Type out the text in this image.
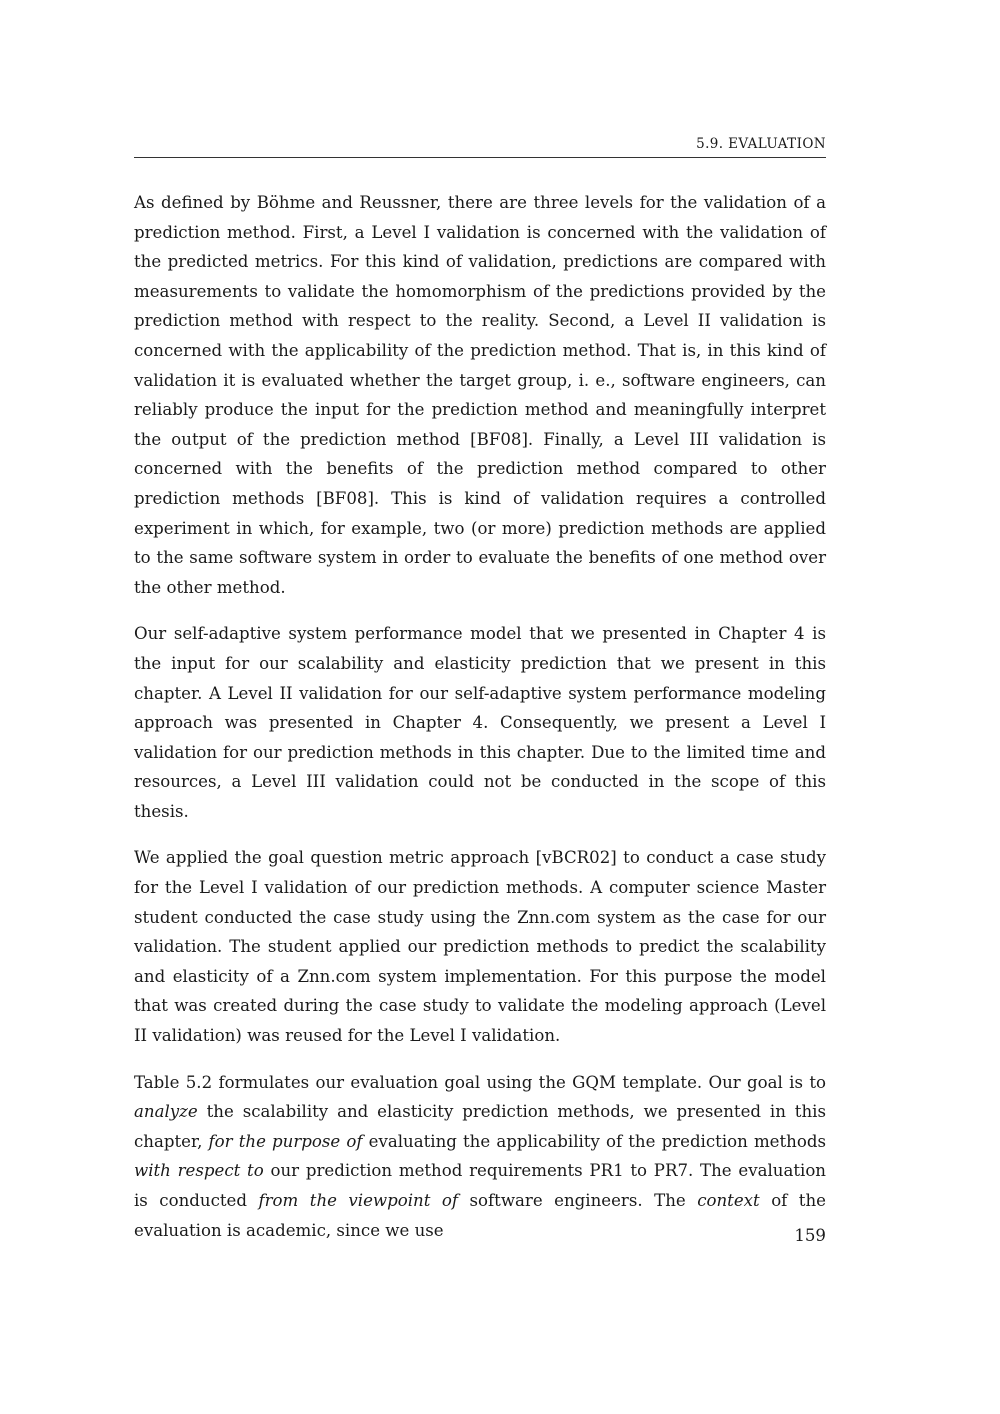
5.9. EVALUATION

As defined by Böhme and Reussner, there are three levels for the validation of a prediction method. First, a Level I validation is concerned with the validation of the predicted metrics. For this kind of validation, predictions are compared with measurements to validate the homomorphism of the predictions provided by the prediction method with respect to the reality. Second, a Level II validation is concerned with the applicability of the prediction method. That is, in this kind of validation it is evaluated whether the target group, i. e., software engineers, can reliably produce the input for the prediction method and meaningfully interpret the output of the prediction method [BF08]. Finally, a Level III validation is concerned with the benefits of the prediction method compared to other prediction methods [BF08]. This is kind of validation requires a controlled experiment in which, for example, two (or more) prediction methods are applied to the same software system in order to evaluate the benefits of one method over the other method.

Our self-adaptive system performance model that we presented in Chapter 4 is the input for our scalability and elasticity prediction that we present in this chapter. A Level II validation for our self-adaptive system performance modeling approach was presented in Chapter 4. Consequently, we present a Level I validation for our prediction methods in this chapter. Due to the limited time and resources, a Level III validation could not be conducted in the scope of this thesis.

We applied the goal question metric approach [vBCR02] to conduct a case study for the Level I validation of our prediction methods. A computer science Master student conducted the case study using the Znn.com system as the case for our validation. The student applied our prediction methods to predict the scalability and elasticity of a Znn.com system implementation. For this purpose the model that was created during the case study to validate the modeling approach (Level II validation) was reused for the Level I validation.

Table 5.2 formulates our evaluation goal using the GQM template. Our goal is to analyze the scalability and elasticity prediction methods, we presented in this chapter, for the purpose of evaluating the applicability of the prediction methods with respect to our prediction method requirements PR1 to PR7. The evaluation is conducted from the viewpoint of software engineers. The context of the evaluation is academic, since we use	159
